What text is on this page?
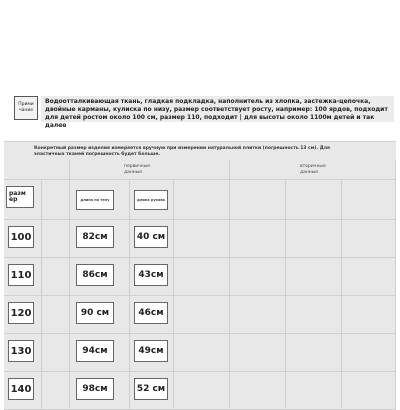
Прими
чание
Водоотталкивающая ткань, гладкая подкладка, наполнитель из хлопка, застежка-цепочка, двойные карманы, кулиска по низу, размер соответствует росту, например: 100 ярдов, подходит для детей ростом около 100 см, размер 110, подходит | для высоты около 1100м детей и так далее
Конкретный размер изделия измеряется вручную при измерении натуральной плитки (погрешность 13 см). Для эластичных тканей погрешность будет больше.
первичные данные
вторичные данные
разм ер	длина по телу	длина рукава
100	82см	40 см
110	86см	43см
120	90 см	46см
130	94см	49см
140	98см	52 см
